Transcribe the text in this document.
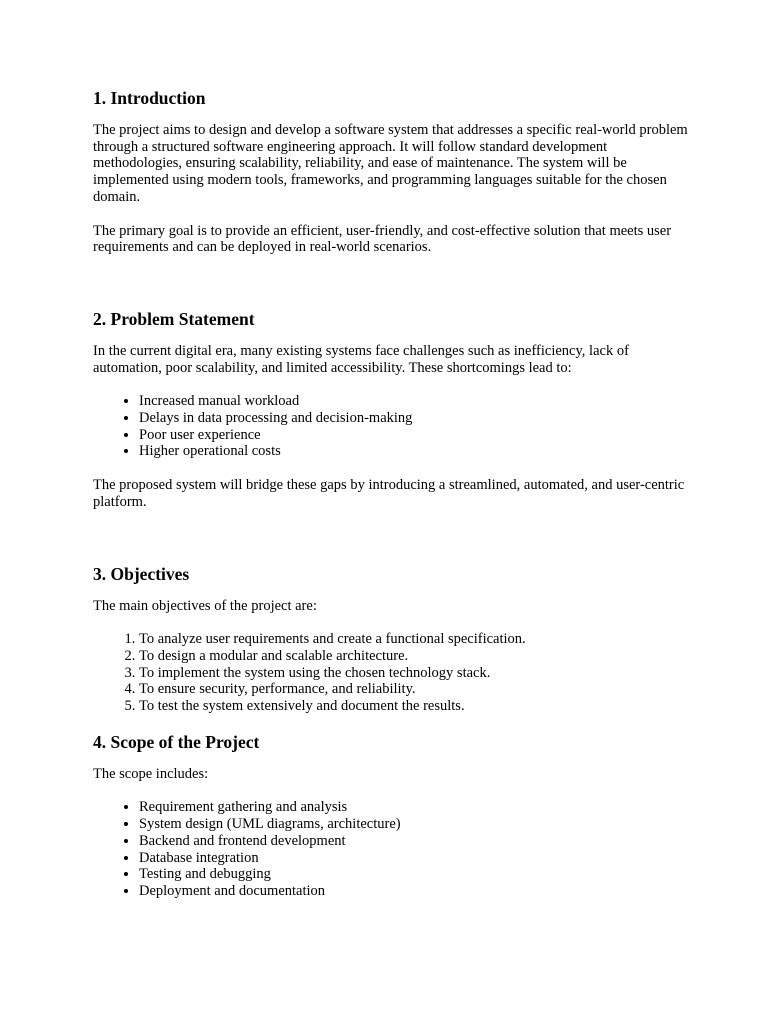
1. Introduction

The project aims to design and develop a software system that addresses a specific real-world problem through a structured software engineering approach. It will follow standard development methodologies, ensuring scalability, reliability, and ease of maintenance. The system will be implemented using modern tools, frameworks, and programming languages suitable for the chosen domain.

The primary goal is to provide an efficient, user-friendly, and cost-effective solution that meets user requirements and can be deployed in real-world scenarios.

2. Problem Statement

In the current digital era, many existing systems face challenges such as inefficiency, lack of automation, poor scalability, and limited accessibility. These shortcomings lead to:

• Increased manual workload
• Delays in data processing and decision-making
• Poor user experience
• Higher operational costs

The proposed system will bridge these gaps by introducing a streamlined, automated, and user-centric platform.

3. Objectives

The main objectives of the project are:

1. To analyze user requirements and create a functional specification.
2. To design a modular and scalable architecture.
3. To implement the system using the chosen technology stack.
4. To ensure security, performance, and reliability.
5. To test the system extensively and document the results.
4. Scope of the Project

The scope includes:

• Requirement gathering and analysis
• System design (UML diagrams, architecture)
• Backend and frontend development
• Database integration
• Testing and debugging
• Deployment and documentation
